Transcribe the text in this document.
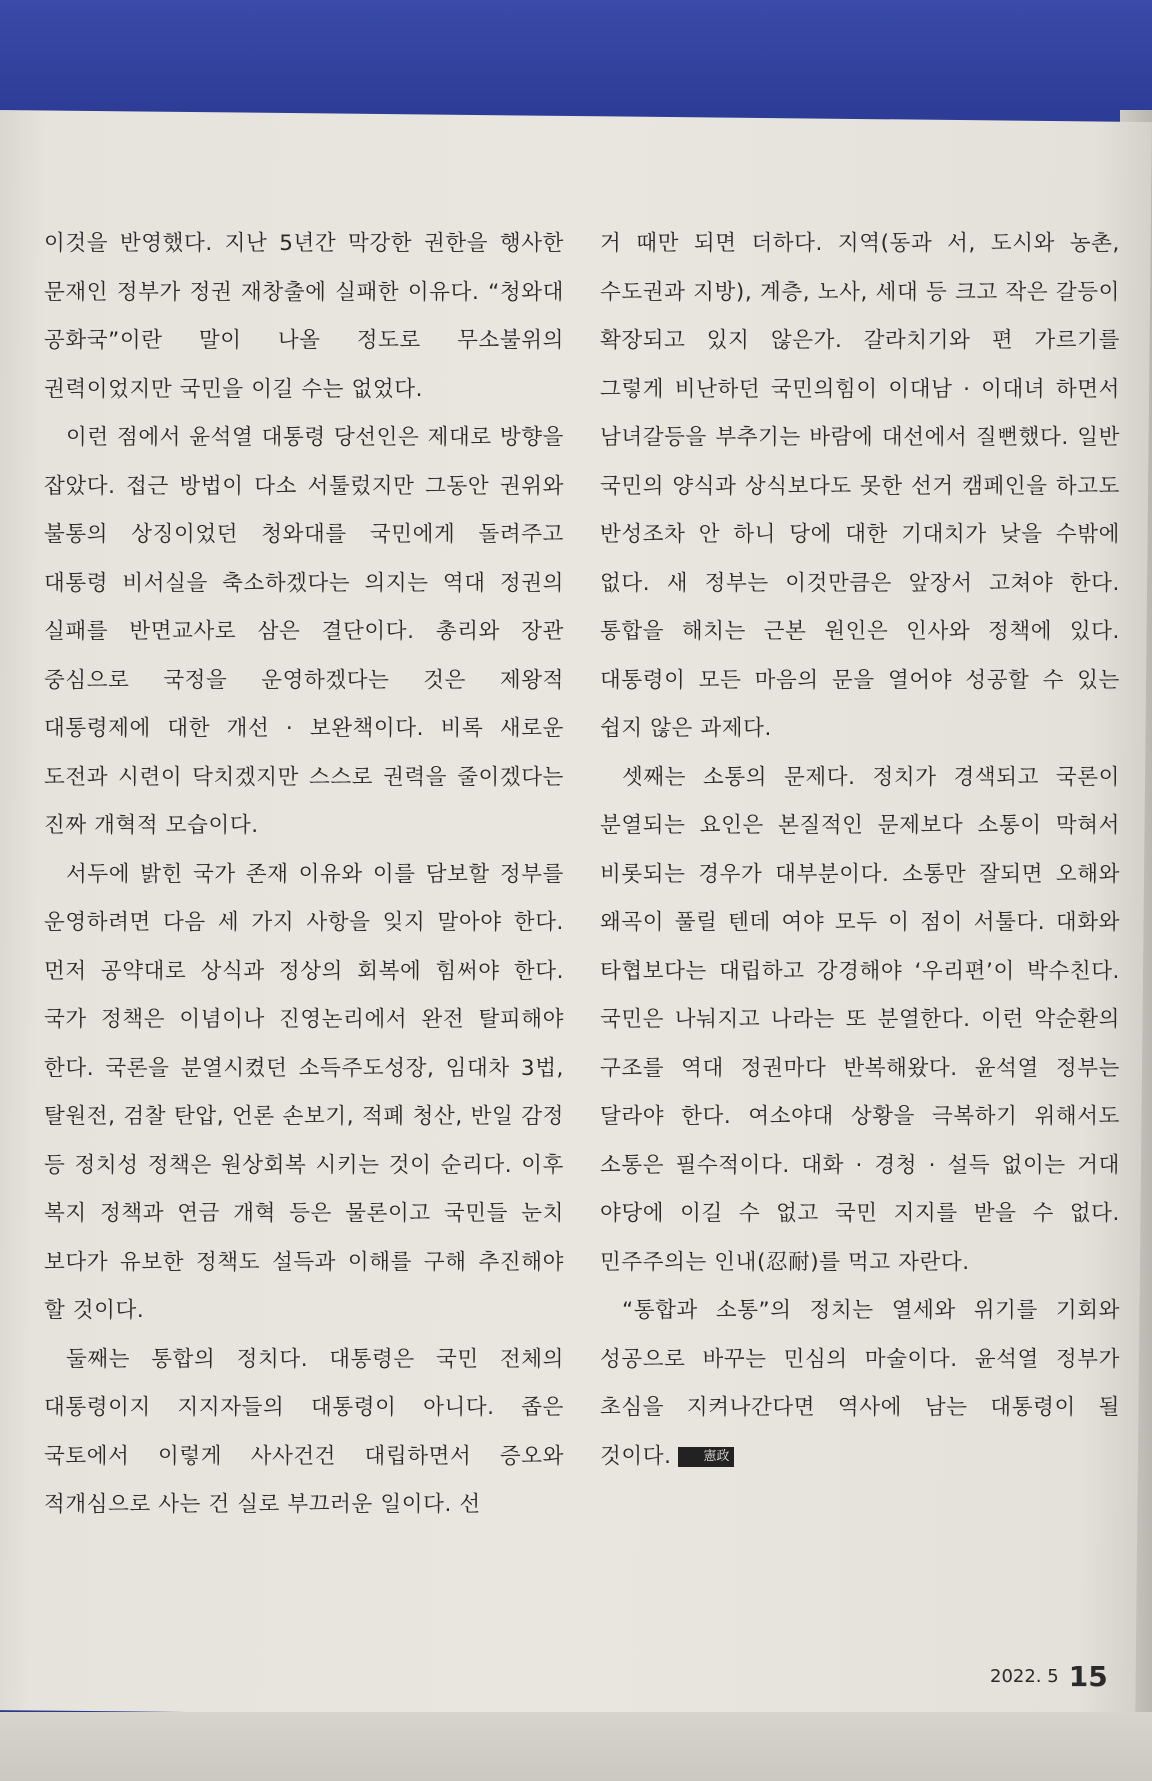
이것을 반영했다. 지난 5년간 막강한 권한을 행사한 문재인 정부가 정권 재창출에 실패한 이유다. “청와대 공화국”이란 말이 나올 정도로 무소불위의 권력이었지만 국민을 이길 수는 없었다.

이런 점에서 윤석열 대통령 당선인은 제대로 방향을 잡았다. 접근 방법이 다소 서툴렀지만 그동안 권위와 불통의 상징이었던 청와대를 국민에게 돌려주고 대통령 비서실을 축소하겠다는 의지는 역대 정권의 실패를 반면교사로 삼은 결단이다. 총리와 장관 중심으로 국정을 운영하겠다는 것은 제왕적 대통령제에 대한 개선 · 보완책이다. 비록 새로운 도전과 시련이 닥치겠지만 스스로 권력을 줄이겠다는 진짜 개혁적 모습이다.

서두에 밝힌 국가 존재 이유와 이를 담보할 정부를 운영하려면 다음 세 가지 사항을 잊지 말아야 한다. 먼저 공약대로 상식과 정상의 회복에 힘써야 한다. 국가 정책은 이념이나 진영논리에서 완전 탈피해야 한다. 국론을 분열시켰던 소득주도성장, 임대차 3법, 탈원전, 검찰 탄압, 언론 손보기, 적폐 청산, 반일 감정 등 정치성 정책은 원상회복 시키는 것이 순리다. 이후 복지 정책과 연금 개혁 등은 물론이고 국민들 눈치 보다가 유보한 정책도 설득과 이해를 구해 추진해야 할 것이다.

둘째는 통합의 정치다. 대통령은 국민 전체의 대통령이지 지지자들의 대통령이 아니다. 좁은 국토에서 이렇게 사사건건 대립하면서 증오와 적개심으로 사는 건 실로 부끄러운 일이다. 선

거 때만 되면 더하다. 지역(동과 서, 도시와 농촌, 수도권과 지방), 계층, 노사, 세대 등 크고 작은 갈등이 확장되고 있지 않은가. 갈라치기와 편 가르기를 그렇게 비난하던 국민의힘이 이대남 · 이대녀 하면서 남녀갈등을 부추기는 바람에 대선에서 질뻔했다. 일반 국민의 양식과 상식보다도 못한 선거 캠페인을 하고도 반성조차 안 하니 당에 대한 기대치가 낮을 수밖에 없다. 새 정부는 이것만큼은 앞장서 고쳐야 한다. 통합을 해치는 근본 원인은 인사와 정책에 있다. 대통령이 모든 마음의 문을 열어야 성공할 수 있는 쉽지 않은 과제다.

셋째는 소통의 문제다. 정치가 경색되고 국론이 분열되는 요인은 본질적인 문제보다 소통이 막혀서 비롯되는 경우가 대부분이다. 소통만 잘되면 오해와 왜곡이 풀릴 텐데 여야 모두 이 점이 서툴다. 대화와 타협보다는 대립하고 강경해야 ‘우리편’이 박수친다. 국민은 나눠지고 나라는 또 분열한다. 이런 악순환의 구조를 역대 정권마다 반복해왔다. 윤석열 정부는 달라야 한다. 여소야대 상황을 극복하기 위해서도 소통은 필수적이다. 대화 · 경청 · 설득 없이는 거대 야당에 이길 수 없고 국민 지지를 받을 수 없다. 민주주의는 인내(忍耐)를 먹고 자란다.

“통합과 소통”의 정치는 열세와 위기를 기회와 성공으로 바꾸는 민심의 마술이다. 윤석열 정부가 초심을 지켜나간다면 역사에 남는 대통령이 될 것이다. 憲政

2022. 5 15
